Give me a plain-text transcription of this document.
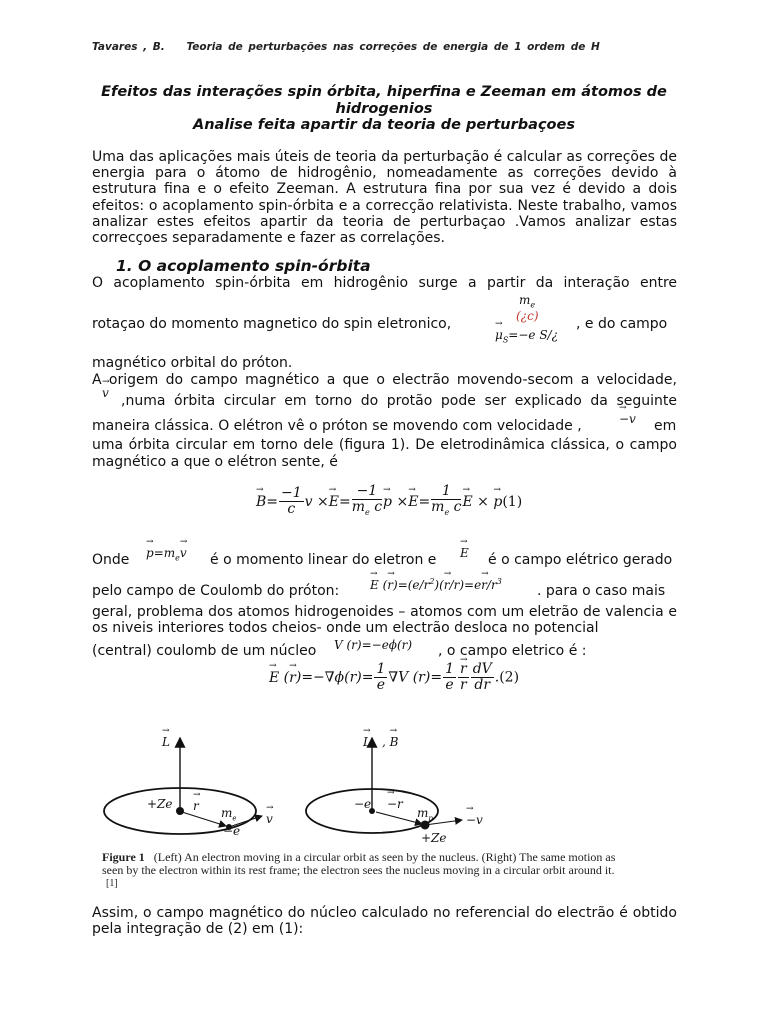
Tavares , B. Teoria de perturbações nas correções de energia de 1 ordem de H
Efeitos das interações spin órbita, hiperfina e Zeeman em átomos de
hidrogenios
Analise feita apartir da teoria de perturbaçoes
Uma das aplicações mais úteis de teoria da perturbação é calcular as correções de energia para o átomo de hidrogênio, nomeadamente as correções devido à estrutura fina e o efeito Zeeman. A estrutura fina por sua vez é devido a dois efeitos: o acoplamento spin-órbita e a correcção relativista. Neste trabalho, vamos analizar estes efeitos apartir da teoria de perturbaçao .Vamos analizar estas correcçoes separadamente e fazer as correlações.
1. O acoplamento spin-órbita
O acoplamento spin-órbita em hidrogênio surge a partir da interação entre
$m_e$
(¿c)
→ $\mu_S=-e$ S/¿
rotaçao do momento magnetico do spin eletronico,	, e do campo
magnético orbital do próton.
A origem do campo magnético a que o electrão movendo-secom a velocidade,
→ v ,numa órbita circular em torno do protão pode ser explicado da seguinte
maneira clássica. O elétron vê o próton se movendo com velocidade ,
→	−v em
uma órbita circular em torno dele (figura 1). De eletrodinâmica clássica, o campo
magnético a que o elétron sente, é
→ $B= \frac{-1}{c}$ $v \times\to E= \frac{-1}{m_e c}$
→ $p \times\to E= \frac{1}{m_e c}$
→ E × → p(1)
Onde
→ $p=m_e\to v$ é o momento linear do eletron e
→ E é o campo elétrico gerado
pelo campo de Coulomb do próton:
→	E (→ $r)=(e/r^2)(\to r/r)=e\to r/r^3$
. para o caso mais
geral, problema dos atomos hidrogenoides – atomos com um eletrão de valencia e os niveis interiores todos cheios- onde um electrão desloca no potencial
(central) coulomb de um núcleo V (r)=−eϕ(r) , o campo eletrico é :
→ E (→ $r)=-\nabla\phi(r)= \frac{1}{e} \nabla V$ $(r)= \frac{1}{e}$
→ $\frac{r}{r} \frac{dV}{dr} .(2)$
→ L
+Ze
→ r $m_e$
−e
→ v
→ L , → B
−e
→ −r
$m_p$
→	−v
+Ze
Figure 1 (Left) An electron moving in a circular orbit as seen by the nucleus. (Right) The same motion as seen by the electron within its rest frame; the electron sees the nucleus moving in a circular orbit around it. [1]
Assim, o campo magnético do núcleo calculado no referencial do electrão é obtido pela integração de (2) em (1):
